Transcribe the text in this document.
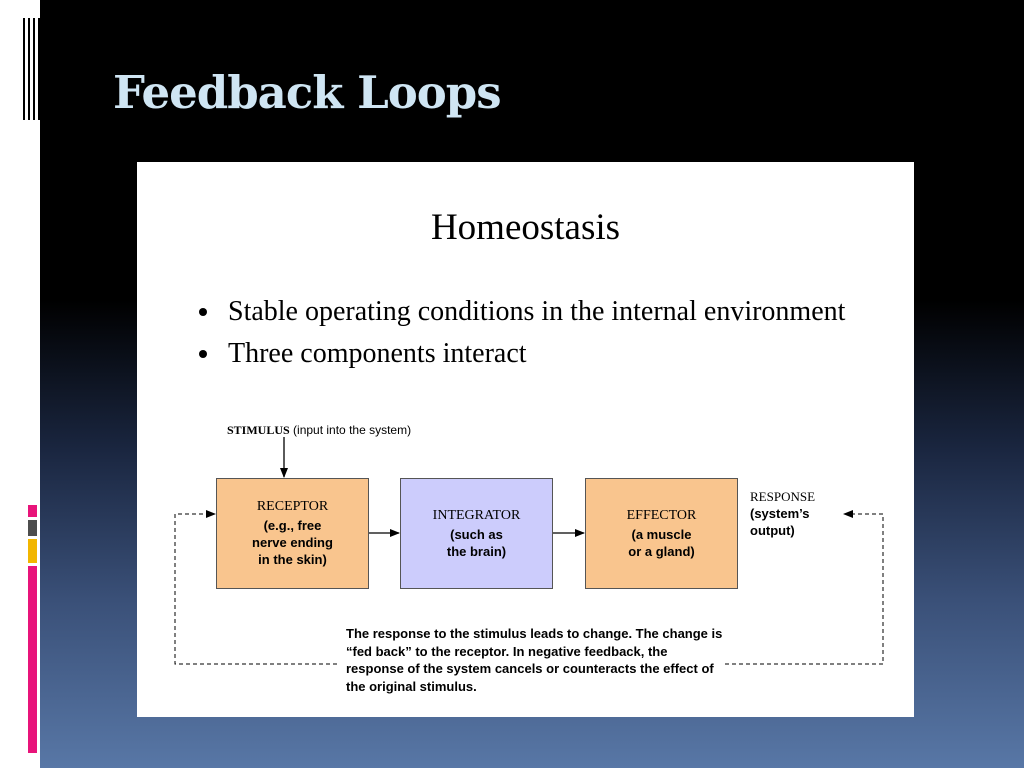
Feedback Loops
Homeostasis
Stable operating conditions in the internal environment
Three components interact
STIMULUS (input into the system)
RECEPTOR
(e.g., free
nerve ending
in the skin)
INTEGRATOR
(such as
the brain)
EFFECTOR
(a muscle
or a gland)
RESPONSE
(system’s
output)
The response to the stimulus leads to change. The change is “fed back” to the receptor. In negative feedback, the response of the system cancels or counteracts the effect of the original stimulus.
